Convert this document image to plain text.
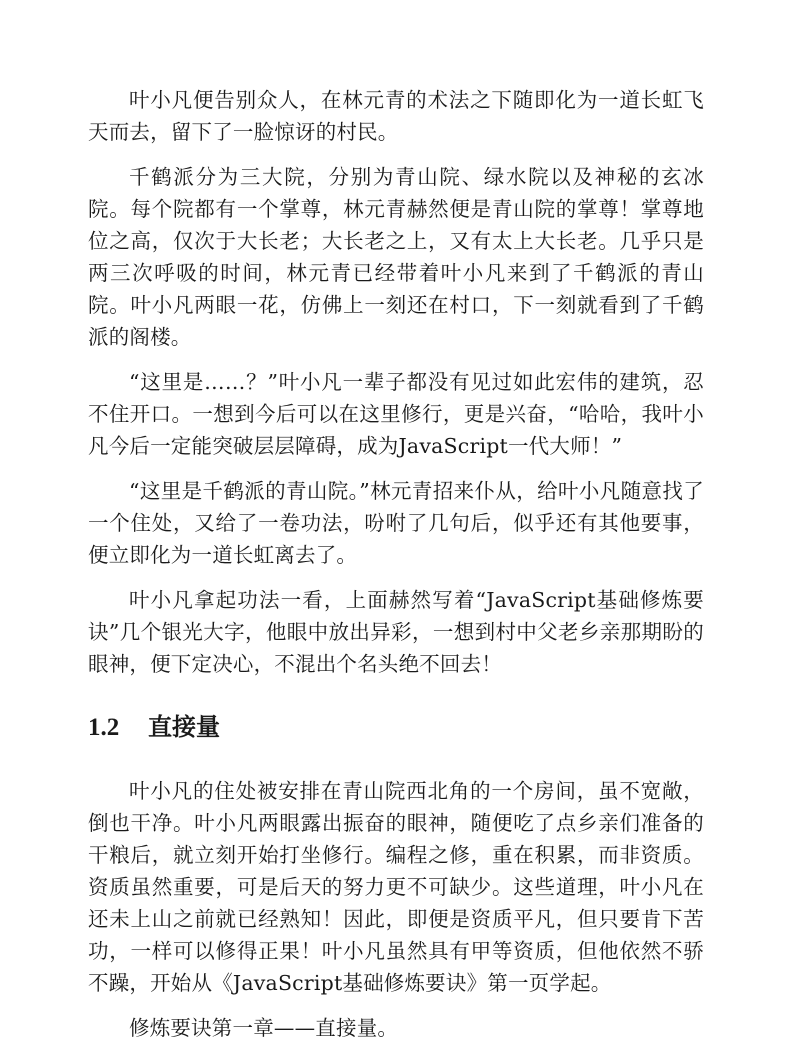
叶小凡便告别众人，在林元青的术法之下随即化为一道长虹飞天而去，留下了一脸惊讶的村民。

千鹤派分为三大院，分别为青山院、绿水院以及神秘的玄冰院。每个院都有一个掌尊，林元青赫然便是青山院的掌尊！掌尊地位之高，仅次于大长老；大长老之上，又有太上大长老。几乎只是两三次呼吸的时间，林元青已经带着叶小凡来到了千鹤派的青山院。叶小凡两眼一花，仿佛上一刻还在村口，下一刻就看到了千鹤派的阁楼。

“这里是……？”叶小凡一辈子都没有见过如此宏伟的建筑，忍不住开口。一想到今后可以在这里修行，更是兴奋，“哈哈，我叶小凡今后一定能突破层层障碍，成为JavaScript一代大师！”

“这里是千鹤派的青山院。”林元青招来仆从，给叶小凡随意找了一个住处，又给了一卷功法，吩咐了几句后，似乎还有其他要事，便立即化为一道长虹离去了。

叶小凡拿起功法一看，上面赫然写着“JavaScript基础修炼要诀”几个银光大字，他眼中放出异彩，一想到村中父老乡亲那期盼的眼神，便下定决心，不混出个名头绝不回去！

1.2	直接量

叶小凡的住处被安排在青山院西北角的一个房间，虽不宽敞，倒也干净。叶小凡两眼露出振奋的眼神，随便吃了点乡亲们准备的干粮后，就立刻开始打坐修行。编程之修，重在积累，而非资质。资质虽然重要，可是后天的努力更不可缺少。这些道理，叶小凡在还未上山之前就已经熟知！因此，即便是资质平凡，但只要肯下苦功，一样可以修得正果！叶小凡虽然具有甲等资质，但他依然不骄不躁，开始从《JavaScript基础修炼要诀》第一页学起。

修炼要诀第一章——直接量。
